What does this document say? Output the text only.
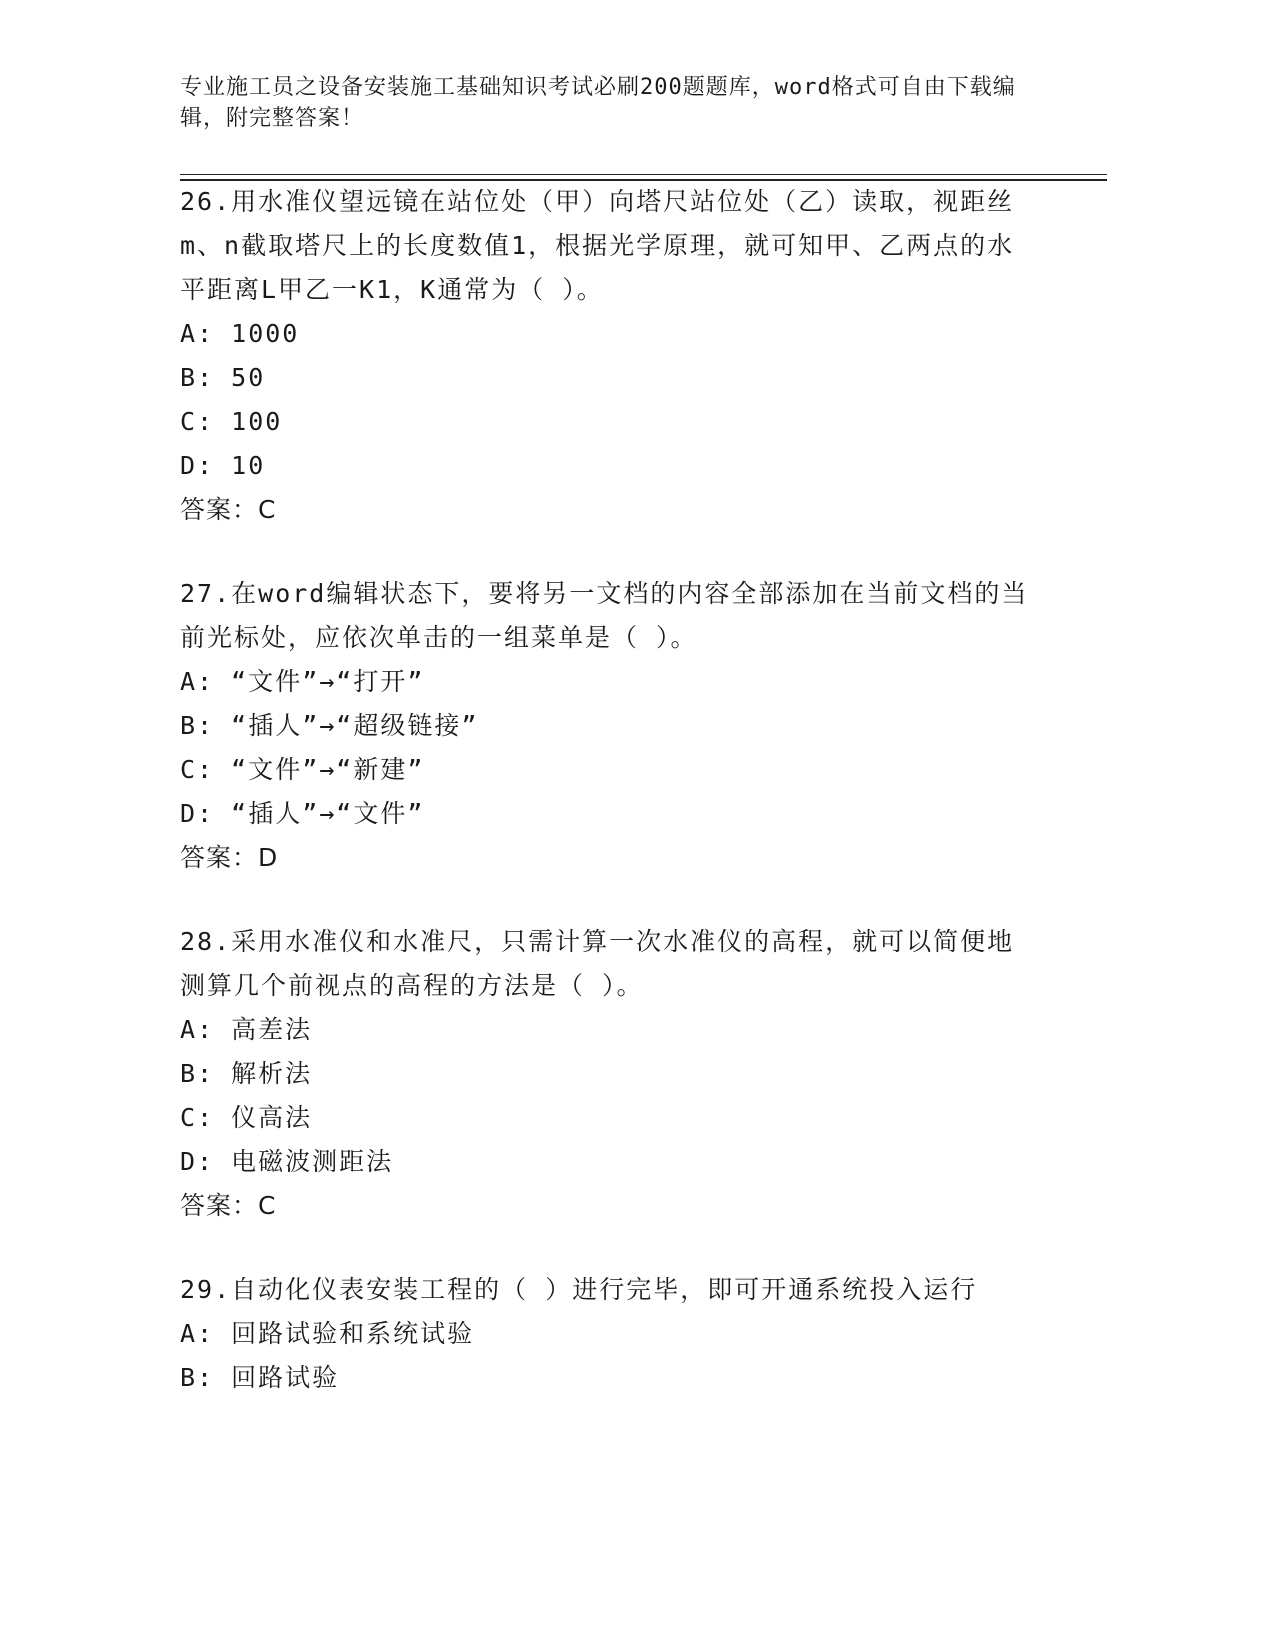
专业施工员之设备安装施工基础知识考试必刷200题题库，word格式可自由下载编辑，附完整答案！

26.用水准仪望远镜在站位处（甲）向塔尺站位处（乙）读取，视距丝m、n截取塔尺上的长度数值1，根据光学原理，就可知甲、乙两点的水平距离L甲乙一K1，K通常为（ ）。

A: 1000

B: 50

C: 100

D: 10

答案：C

27.在word编辑状态下，要将另一文档的内容全部添加在当前文档的当前光标处，应依次单击的一组菜单是（ ）。

A: “文件”→“打开”

B: “插人”→“超级链接”

C: “文件”→“新建”

D: “插人”→“文件”

答案：D

28.采用水准仪和水准尺，只需计算一次水准仪的高程，就可以简便地测算几个前视点的高程的方法是（ ）。

A: 高差法

B: 解析法

C: 仪高法

D: 电磁波测距法

答案：C

29.自动化仪表安装工程的（ ）进行完毕，即可开通系统投入运行

A: 回路试验和系统试验

B: 回路试验
